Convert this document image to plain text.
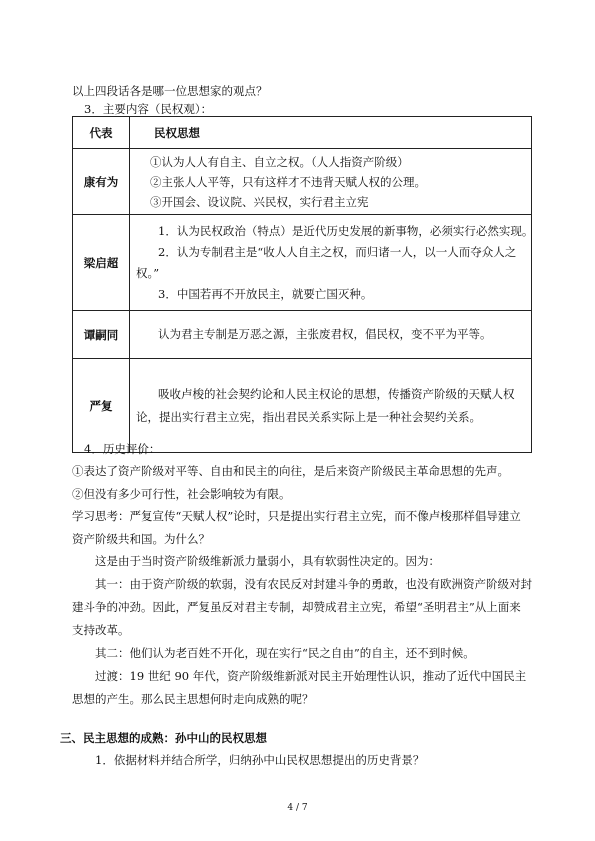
以上四段话各是哪一位思想家的观点？
3．主要内容（民权观）：
代表	民权思想
康有为	①认为人人有自主、自立之权。（人人指资产阶级）
②主张人人平等，只有这样才不违背天赋人权的公理。
③开国会、设议院、兴民权，实行君主立宪

梁启超	1．认为民权政治（特点）是近代历史发展的新事物，必须实行必然实现。
2．认为专制君主是“收人人自主之权，而归诸一人，以一人而夺众人之权。”
3．中国若再不开放民主，就要亡国灭种。

谭嗣同	认为君主专制是万恶之源，主张废君权，倡民权，变不平为平等。

严复	吸收卢梭的社会契约论和人民主权论的思想，传播资产阶级的天赋人权论，提出实行君主立宪，指出君民关系实际上是一种社会契约关系。
4．历史评价：
①表达了资产阶级对平等、自由和民主的向往，是后来资产阶级民主革命思想的先声。
②但没有多少可行性，社会影响较为有限。
学习思考：严复宣传“天赋人权”论时，只是提出实行君主立宪，而不像卢梭那样倡导建立资产阶级共和国。为什么？
这是由于当时资产阶级维新派力量弱小，具有软弱性决定的。因为：
其一：由于资产阶级的软弱，没有农民反对封建斗争的勇敢，也没有欧洲资产阶级对封建斗争的冲劲。因此，严复虽反对君主专制，却赞成君主立宪，希望“圣明君主”从上面来支持改革。
其二：他们认为老百姓不开化，现在实行“民之自由”的自主，还不到时候。
过渡：19 世纪 90 年代，资产阶级维新派对民主开始理性认识，推动了近代中国民主思想的产生。那么民主思想何时走向成熟的呢？
三、民主思想的成熟：孙中山的民权思想
1．依据材料并结合所学，归纳孙中山民权思想提出的历史背景？
4 / 7
